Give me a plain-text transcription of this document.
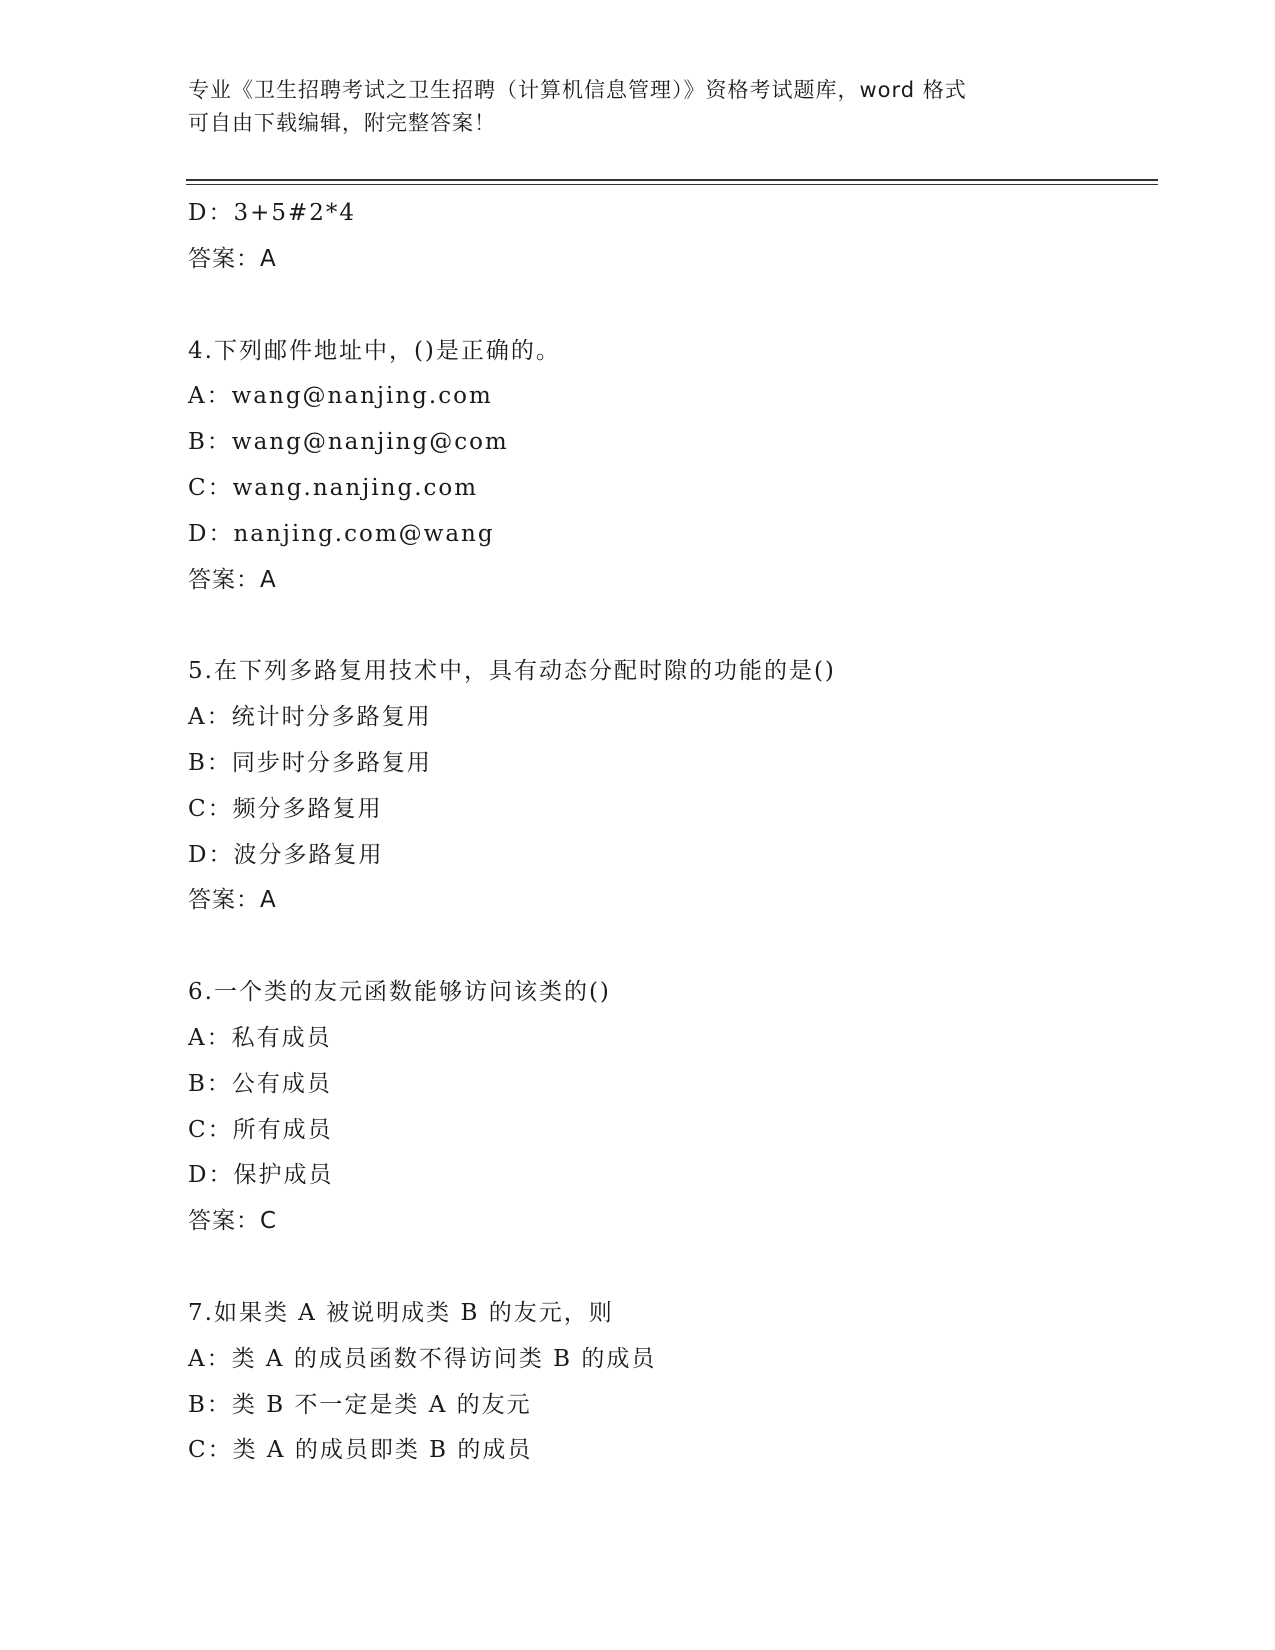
专业《卫生招聘考试之卫生招聘（计算机信息管理）》资格考试题库，word 格式
可自由下载编辑，附完整答案！
D：3+5#2*4
答案：A
4.下列邮件地址中，()是正确的。
A：wang@nanjing.com
B：wang@nanjing@com
C：wang.nanjing.com
D：nanjing.com@wang
答案：A
5.在下列多路复用技术中，具有动态分配时隙的功能的是()
A：统计时分多路复用
B：同步时分多路复用
C：频分多路复用
D：波分多路复用
答案：A
6.一个类的友元函数能够访问该类的()
A：私有成员
B：公有成员
C：所有成员
D：保护成员
答案：C
7.如果类 A 被说明成类 B 的友元，则
A：类 A 的成员函数不得访问类 B 的成员
B：类 B 不一定是类 A 的友元
C：类 A 的成员即类 B 的成员
